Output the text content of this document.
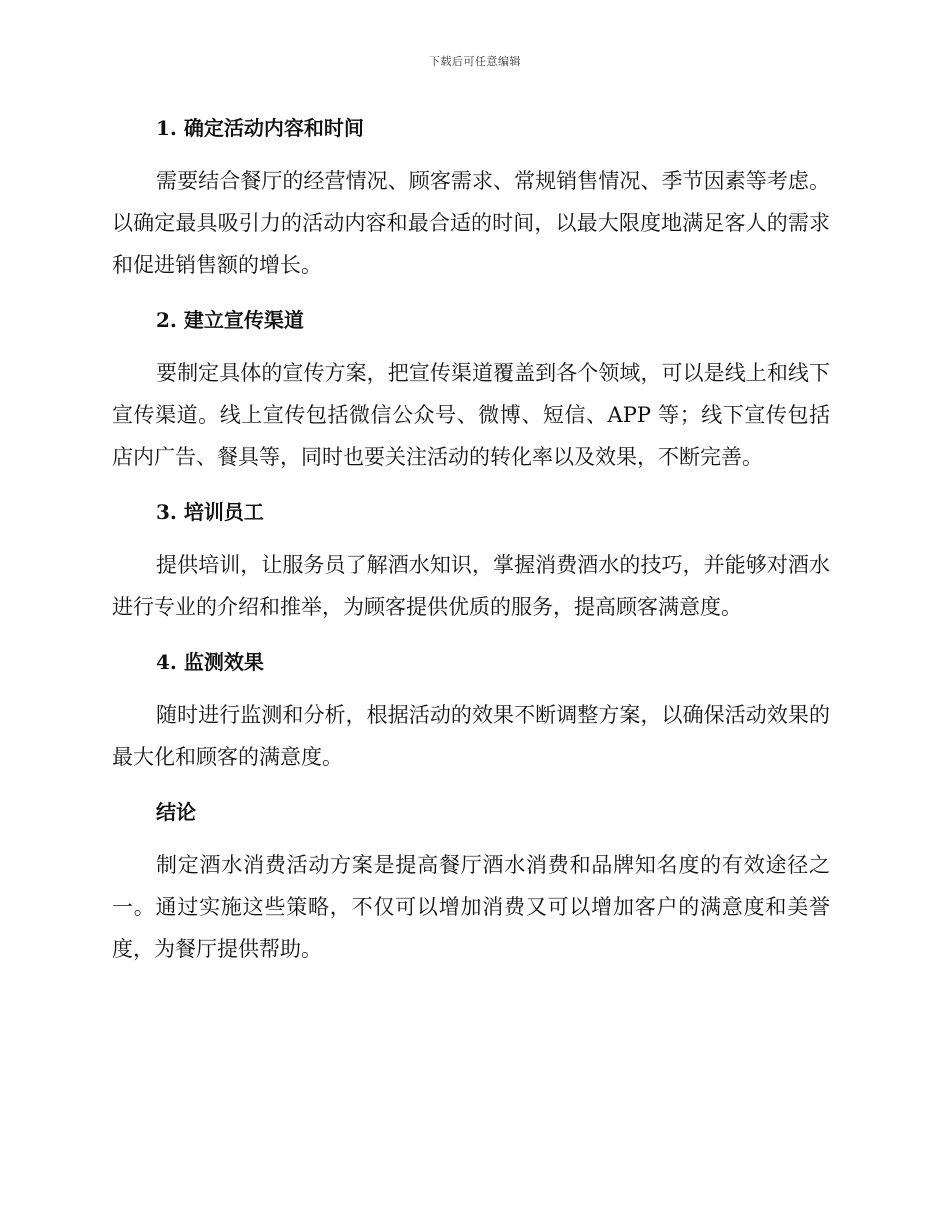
下载后可任意编辑
1. 确定活动内容和时间

需要结合餐厅的经营情况、顾客需求、常规销售情况、季节因素等考虑。以确定最具吸引力的活动内容和最合适的时间，以最大限度地满足客人的需求和促进销售额的增长。

2. 建立宣传渠道

要制定具体的宣传方案，把宣传渠道覆盖到各个领域，可以是线上和线下宣传渠道。线上宣传包括微信公众号、微博、短信、APP 等；线下宣传包括店内广告、餐具等，同时也要关注活动的转化率以及效果，不断完善。

3. 培训员工

提供培训，让服务员了解酒水知识，掌握消费酒水的技巧，并能够对酒水进行专业的介绍和推举，为顾客提供优质的服务，提高顾客满意度。

4. 监测效果

随时进行监测和分析，根据活动的效果不断调整方案，以确保活动效果的最大化和顾客的满意度。

结论

制定酒水消费活动方案是提高餐厅酒水消费和品牌知名度的有效途径之一。通过实施这些策略，不仅可以增加消费又可以增加客户的满意度和美誉度，为餐厅提供帮助。
